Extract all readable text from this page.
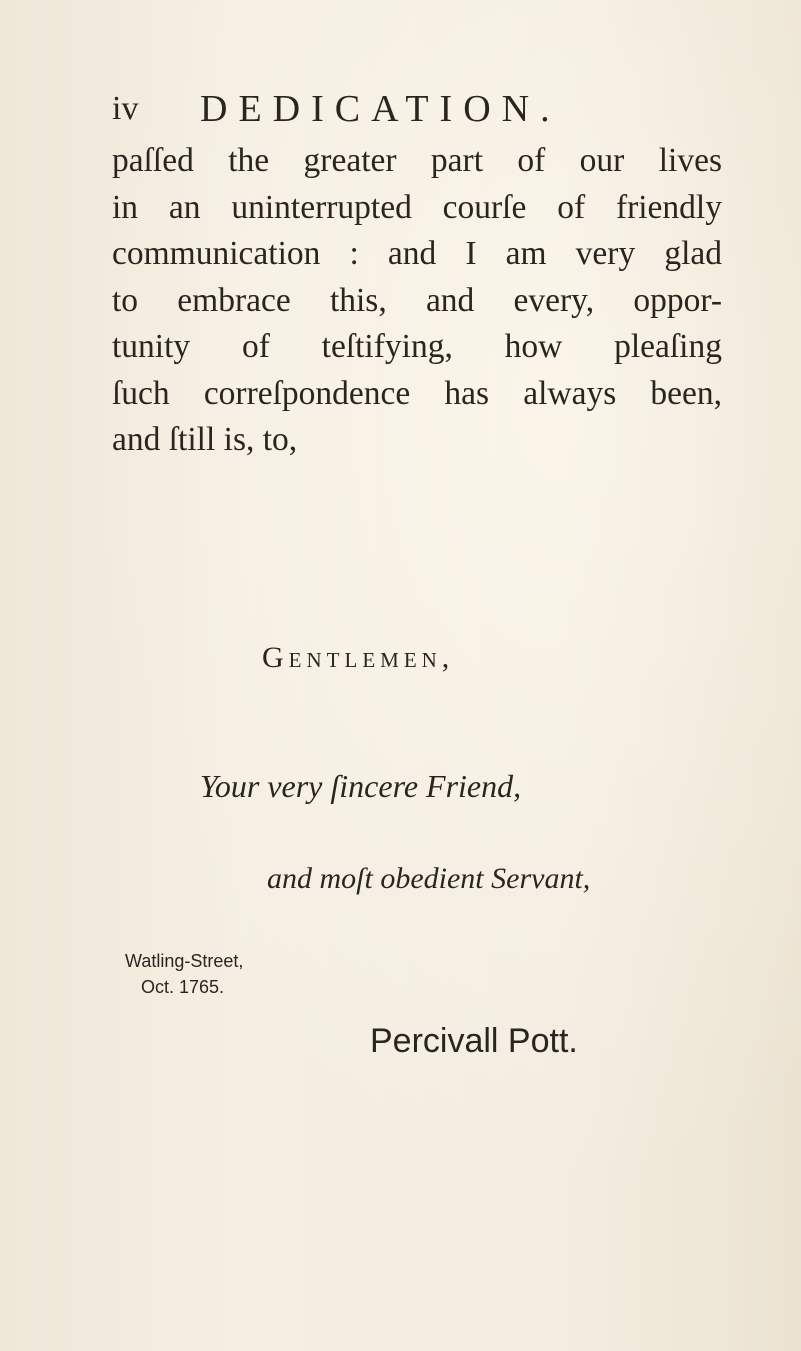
iv DEDICATION.
paſſed the greater part of our lives
in an uninterrupted courſe of friendly
communication : and I am very glad
to embrace this, and every, oppor-
tunity of teſtifying, how pleaſing
ſuch correſpondence has always been,
and ſtill is, to,
Gentlemen,
Your very ſincere Friend,
and moſt obedient Servant,
Watling-Street,
Oct. 1765.
Percivall Pott.
